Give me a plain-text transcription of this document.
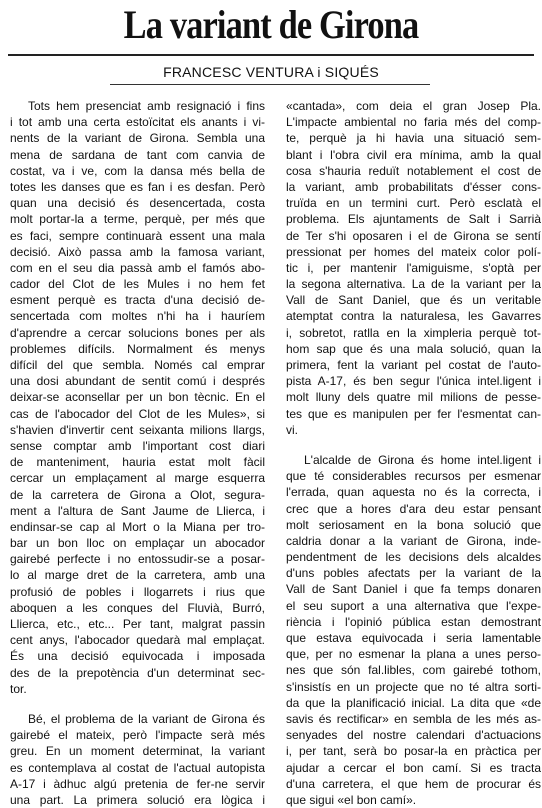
La variant de Girona
FRANCESC VENTURA i SIQUÉS
Tots hem presenciat amb resignació i fins
i tot amb una certa estoïcitat els anants i vi-
nents de la variant de Girona. Sembla una
mena de sardana de tant com canvia de
costat, va i ve, com la dansa més bella de
totes les danses que es fan i es desfan. Però
quan una decisió és desencertada, costa
molt portar-la a terme, perquè, per més que
es faci, sempre continuarà essent una mala
decisió. Això passa amb la famosa variant,
com en el seu dia passà amb el famós abo-
cador del Clot de les Mules i no hem fet
esment perquè es tracta d'una decisió de-
sencertada com moltes n'hi ha i hauríem
d'aprendre a cercar solucions bones per als
problemes difícils. Normalment és menys
difícil del que sembla. Només cal emprar
una dosi abundant de sentit comú i després
deixar-se aconsellar per un bon tècnic. En el
cas de l'abocador del Clot de les Mules», si
s'havien d'invertir cent seixanta milions llargs,
sense comptar amb l'important cost diari
de manteniment, hauria estat molt fàcil
cercar un emplaçament al marge esquerra
de la carretera de Girona a Olot, segura-
ment a l'altura de Sant Jaume de Llierca, i
endinsar-se cap al Mort o la Miana per tro-
bar un bon lloc on emplaçar un abocador
gairebé perfecte i no entossudir-se a posar-
lo al marge dret de la carretera, amb una
profusió de pobles i llogarrets i rius que
aboquen a les conques del Fluvià, Burró,
Llierca, etc., etc... Per tant, malgrat passin
cent anys, l'abocador quedarà mal emplaçat.
És una decisió equivocada i imposada
des de la prepotència d'un determinat sec-
tor.
Bé, el problema de la variant de Girona és
gairebé el mateix, però l'impacte serà més
greu. En un moment determinat, la variant
es contemplava al costat de l'actual autopista
A-17 i àdhuc algú pretenia de fer-ne servir
una part. La primera solució era lògica i
«cantada», com deia el gran Josep Pla.
L'impacte ambiental no faria més del comp-
te, perquè ja hi havia una situació sem-
blant i l'obra civil era mínima, amb la qual
cosa s'hauria reduït notablement el cost de
la variant, amb probabilitats d'ésser cons-
truïda en un termini curt. Però esclatà el
problema. Els ajuntaments de Salt i Sarrià
de Ter s'hi oposaren i el de Girona se sentí
pressionat per homes del mateix color polí-
tic i, per mantenir l'amiguisme, s'optà per
la segona alternativa. La de la variant per la
Vall de Sant Daniel, que és un veritable
atemptat contra la naturalesa, les Gavarres
i, sobretot, ratlla en la ximpleria perquè tot-
hom sap que és una mala solució, quan la
primera, fent la variant pel costat de l'auto-
pista A-17, és ben segur l'única intel.ligent i
molt lluny dels quatre mil milions de pesse-
tes que es manipulen per fer l'esmentat can-
vi.
L'alcalde de Girona és home intel.ligent i
que té considerables recursos per esmenar
l'errada, quan aquesta no és la correcta, i
crec que a hores d'ara deu estar pensant
molt seriosament en la bona solució que
caldria donar a la variant de Girona, inde-
pendentment de les decisions dels alcaldes
d'uns pobles afectats per la variant de la
Vall de Sant Daniel i que fa temps donaren
el seu suport a una alternativa que l'expe-
riència i l'opinió pública estan demostrant
que estava equivocada i seria lamentable
que, per no esmenar la plana a unes perso-
nes que són fal.libles, com gairebé tothom,
s'insistís en un projecte que no té altra sorti-
da que la planificació inicial. La dita que «de
savis és rectificar» en sembla de les més as-
senyades del nostre calendari d'actuacions
i, per tant, serà bo posar-la en pràctica per
ajudar a cercar el bon camí. Si es tracta
d'una carretera, el que hem de procurar és
que sigui «el bon camí».
